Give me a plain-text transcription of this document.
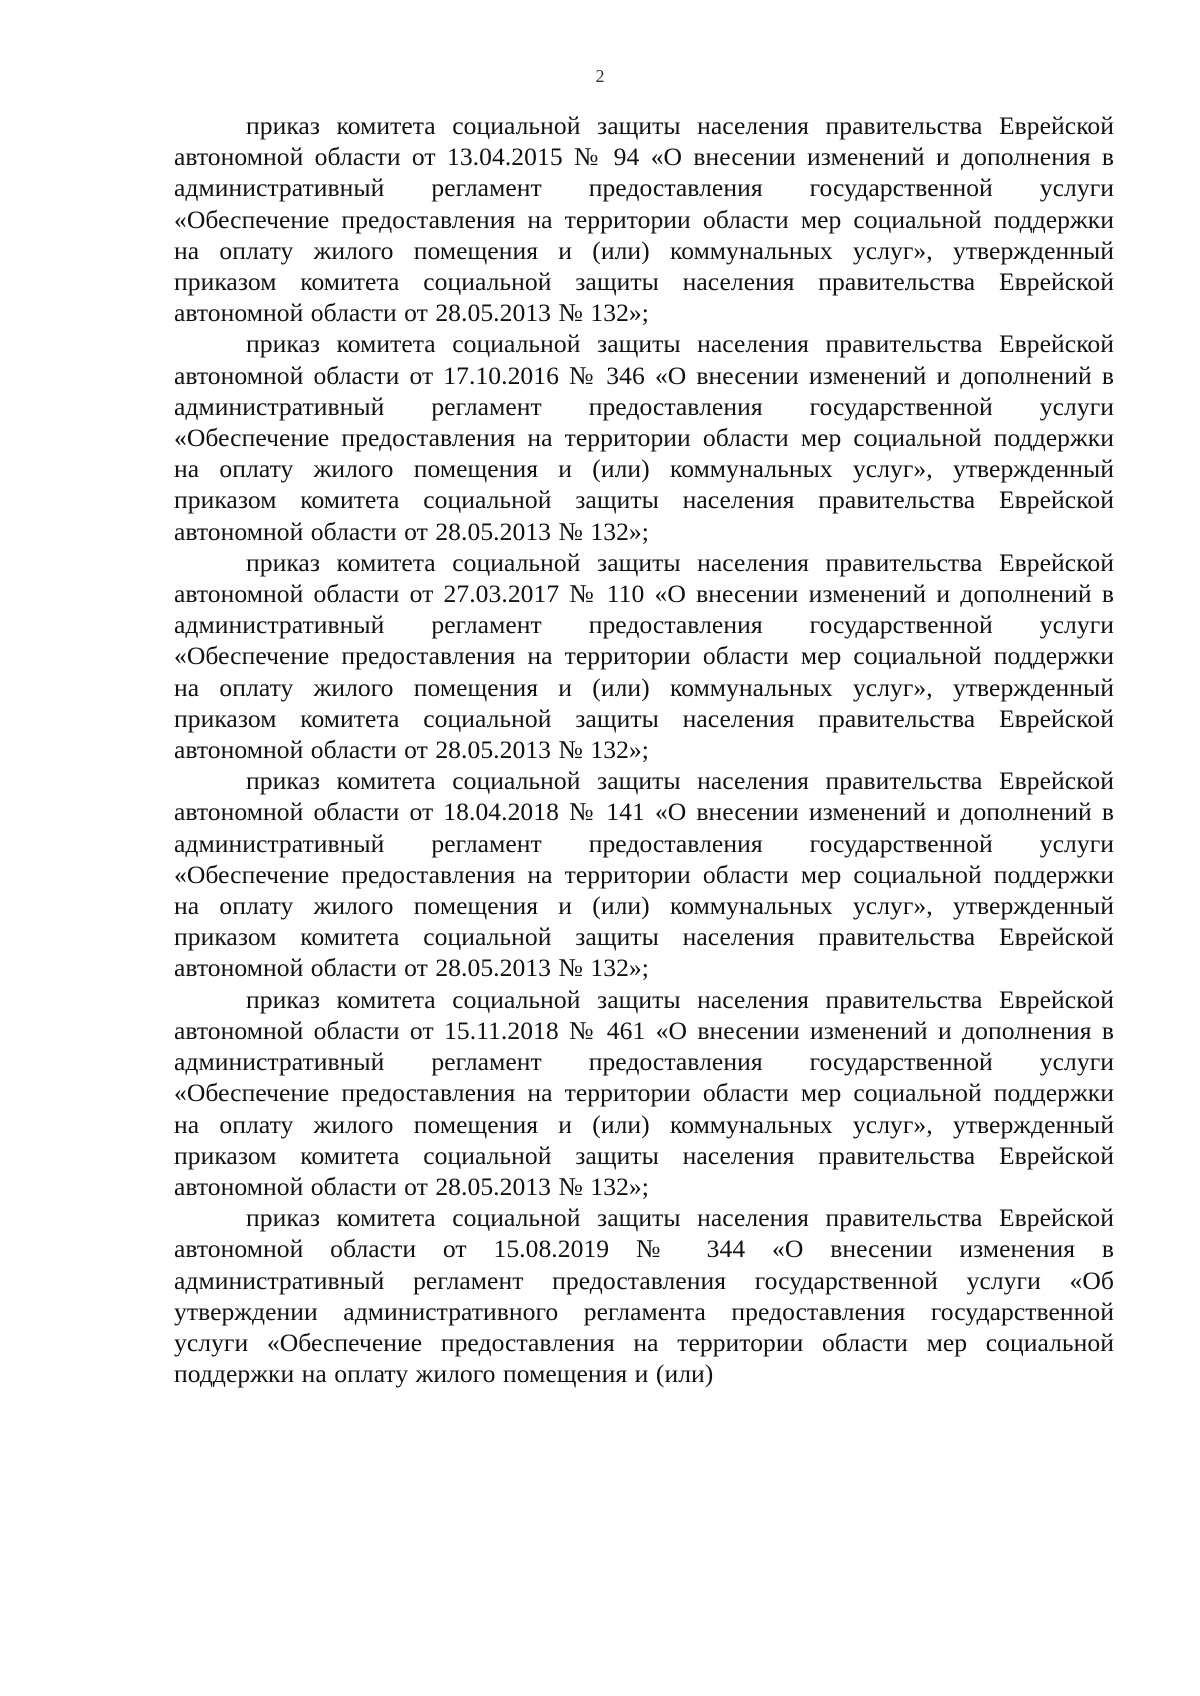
2

приказ комитета социальной защиты населения правительства Еврейской автономной области от 13.04.2015 № 94 «О внесении изменений и дополнения в административный регламент предоставления государственной услуги «Обеспечение предоставления на территории области мер социальной поддержки на оплату жилого помещения и (или) коммунальных услуг», утвержденный приказом комитета социальной защиты населения правительства Еврейской автономной области от 28.05.2013 № 132»;

приказ комитета социальной защиты населения правительства Еврейской автономной области от 17.10.2016 № 346 «О внесении изменений и дополнений в административный регламент предоставления государственной услуги «Обеспечение предоставления на территории области мер социальной поддержки на оплату жилого помещения и (или) коммунальных услуг», утвержденный приказом комитета социальной защиты населения правительства Еврейской автономной области от 28.05.2013 № 132»;

приказ комитета социальной защиты населения правительства Еврейской автономной области от 27.03.2017 № 110 «О внесении изменений и дополнений в административный регламент предоставления государственной услуги «Обеспечение предоставления на территории области мер социальной поддержки на оплату жилого помещения и (или) коммунальных услуг», утвержденный приказом комитета социальной защиты населения правительства Еврейской автономной области от 28.05.2013 № 132»;

приказ комитета социальной защиты населения правительства Еврейской автономной области от 18.04.2018 № 141 «О внесении изменений и дополнений в административный регламент предоставления государственной услуги «Обеспечение предоставления на территории области мер социальной поддержки на оплату жилого помещения и (или) коммунальных услуг», утвержденный приказом комитета социальной защиты населения правительства Еврейской автономной области от 28.05.2013 № 132»;

приказ комитета социальной защиты населения правительства Еврейской автономной области от 15.11.2018 № 461 «О внесении изменений и дополнения в административный регламент предоставления государственной услуги «Обеспечение предоставления на территории области мер социальной поддержки на оплату жилого помещения и (или) коммунальных услуг», утвержденный приказом комитета социальной защиты населения правительства Еврейской автономной области от 28.05.2013 № 132»;

приказ комитета социальной защиты населения правительства Еврейской автономной области от 15.08.2019 № 344 «О внесении изменения в административный регламент предоставления государственной услуги «Об утверждении административного регламента предоставления государственной услуги «Обеспечение предоставления на территории области мер социальной поддержки на оплату жилого помещения и (или)
